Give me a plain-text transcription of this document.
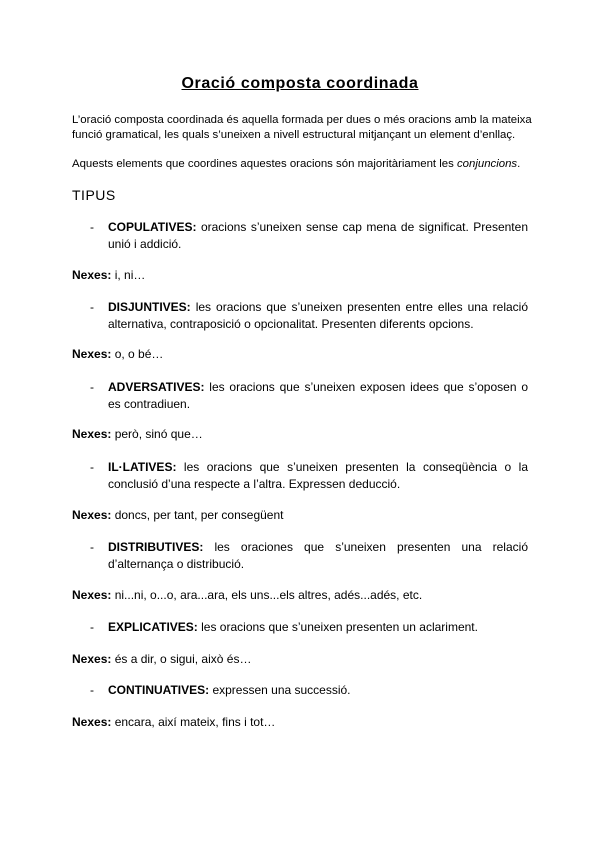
Oració composta coordinada
L’oració composta coordinada és aquella formada per dues o més oracions amb la mateixa funció gramatical, les quals s’uneixen a nivell estructural mitjançant un element d’enllaç.
Aquests elements que coordines aquestes oracions són majoritàriament les conjuncions.
TIPUS
- COPULATIVES: oracions s’uneixen sense cap mena de significat. Presenten unió i addició.
Nexes: i, ni…
- DISJUNTIVES: les oracions que s’uneixen presenten entre elles una relació alternativa, contraposició o opcionalitat. Presenten diferents opcions.
Nexes: o, o bé…
- ADVERSATIVES: les oracions que s’uneixen exposen idees que s’oposen o es contradiuen.
Nexes: però, sinó que…
- IL·LATIVES: les oracions que s’uneixen presenten la conseqüència o la conclusió d’una respecte a l’altra. Expressen deducció.
Nexes: doncs, per tant, per consegüent
- DISTRIBUTIVES: les oraciones que s’uneixen presenten una relació d’alternança o distribució.
Nexes: ni...ni, o...o, ara...ara, els uns...els altres, adés...adés, etc.
- EXPLICATIVES: les oracions que s’uneixen presenten un aclariment.
Nexes: és a dir, o sigui, això és…
- CONTINUATIVES: expressen una successió.
Nexes: encara, així mateix, fins i tot…
